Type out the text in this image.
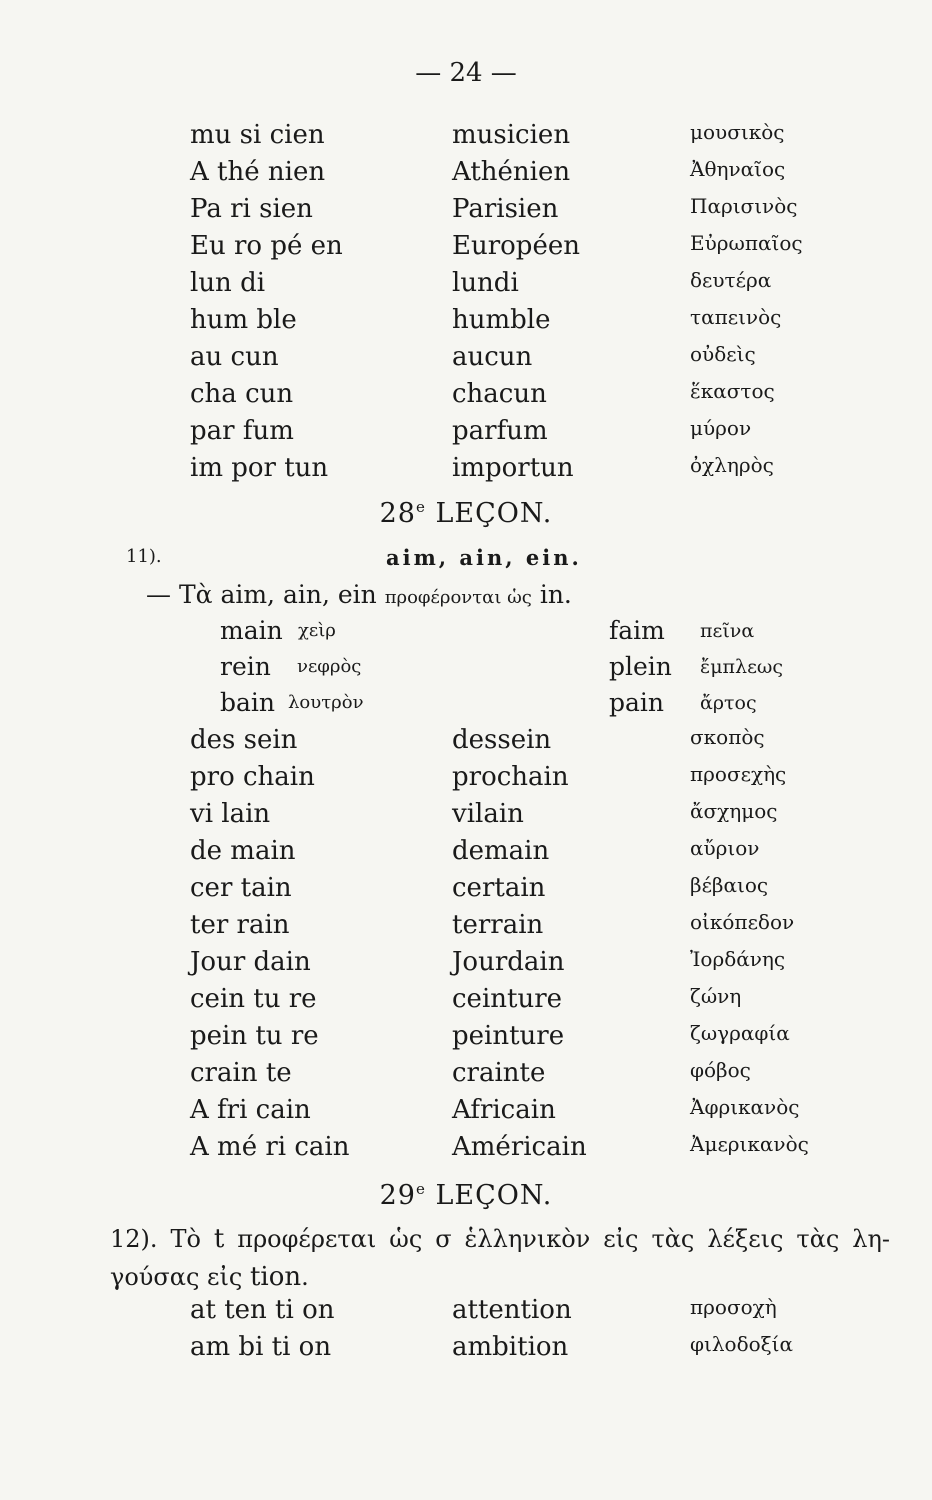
— 24 —
mu si cien	musicien	μουσικὸς
A thé nien	Athénien	Ἀθηναῖος
Pa ri sien	Parisien	Παρισινὸς
Eu ro pé en	Européen	Εὐρωπαῖος
lun di	lundi	δευτέρα
hum ble	humble	ταπεινὸς
au cun	aucun	οὐδεὶς
cha cun	chacun	ἕκαστος
par fum	parfum	μύρον
im por tun	importun	ὀχληρὸς
28e LEÇON.
11).	aim, ain, ein.
— Τὰ aim, ain, ein προφέρονται ὡς in.
main χεὶρ	faim πεῖνα
rein νεφρὸς	plein ἔμπλεως
bain λουτρὸν	pain ἄρτος
des sein	dessein	σκοπὸς
pro chain	prochain	προσεχὴς
vi lain	vilain	ἄσχημος
de main	demain	αὔριον
cer tain	certain	βέβαιος
ter rain	terrain	οἰκόπεδον
Jour dain	Jourdain	Ἰορδάνης
cein tu re	ceinture	ζώνη
pein tu re	peinture	ζωγραφία
crain te	crainte	φόβος
A fri cain	Africain	Ἀφρικανὸς
A mé ri cain	Américain	Ἀμερικανὸς
29e LEÇON.
12). Τὸ t προφέρεται ὡς σ ἑλληνικὸν εἰς τὰς λέξεις τὰς λη-
γούσας εἰς tion.
at ten ti on	attention	προσοχὴ
am bi ti on	ambition	φιλοδοξία
